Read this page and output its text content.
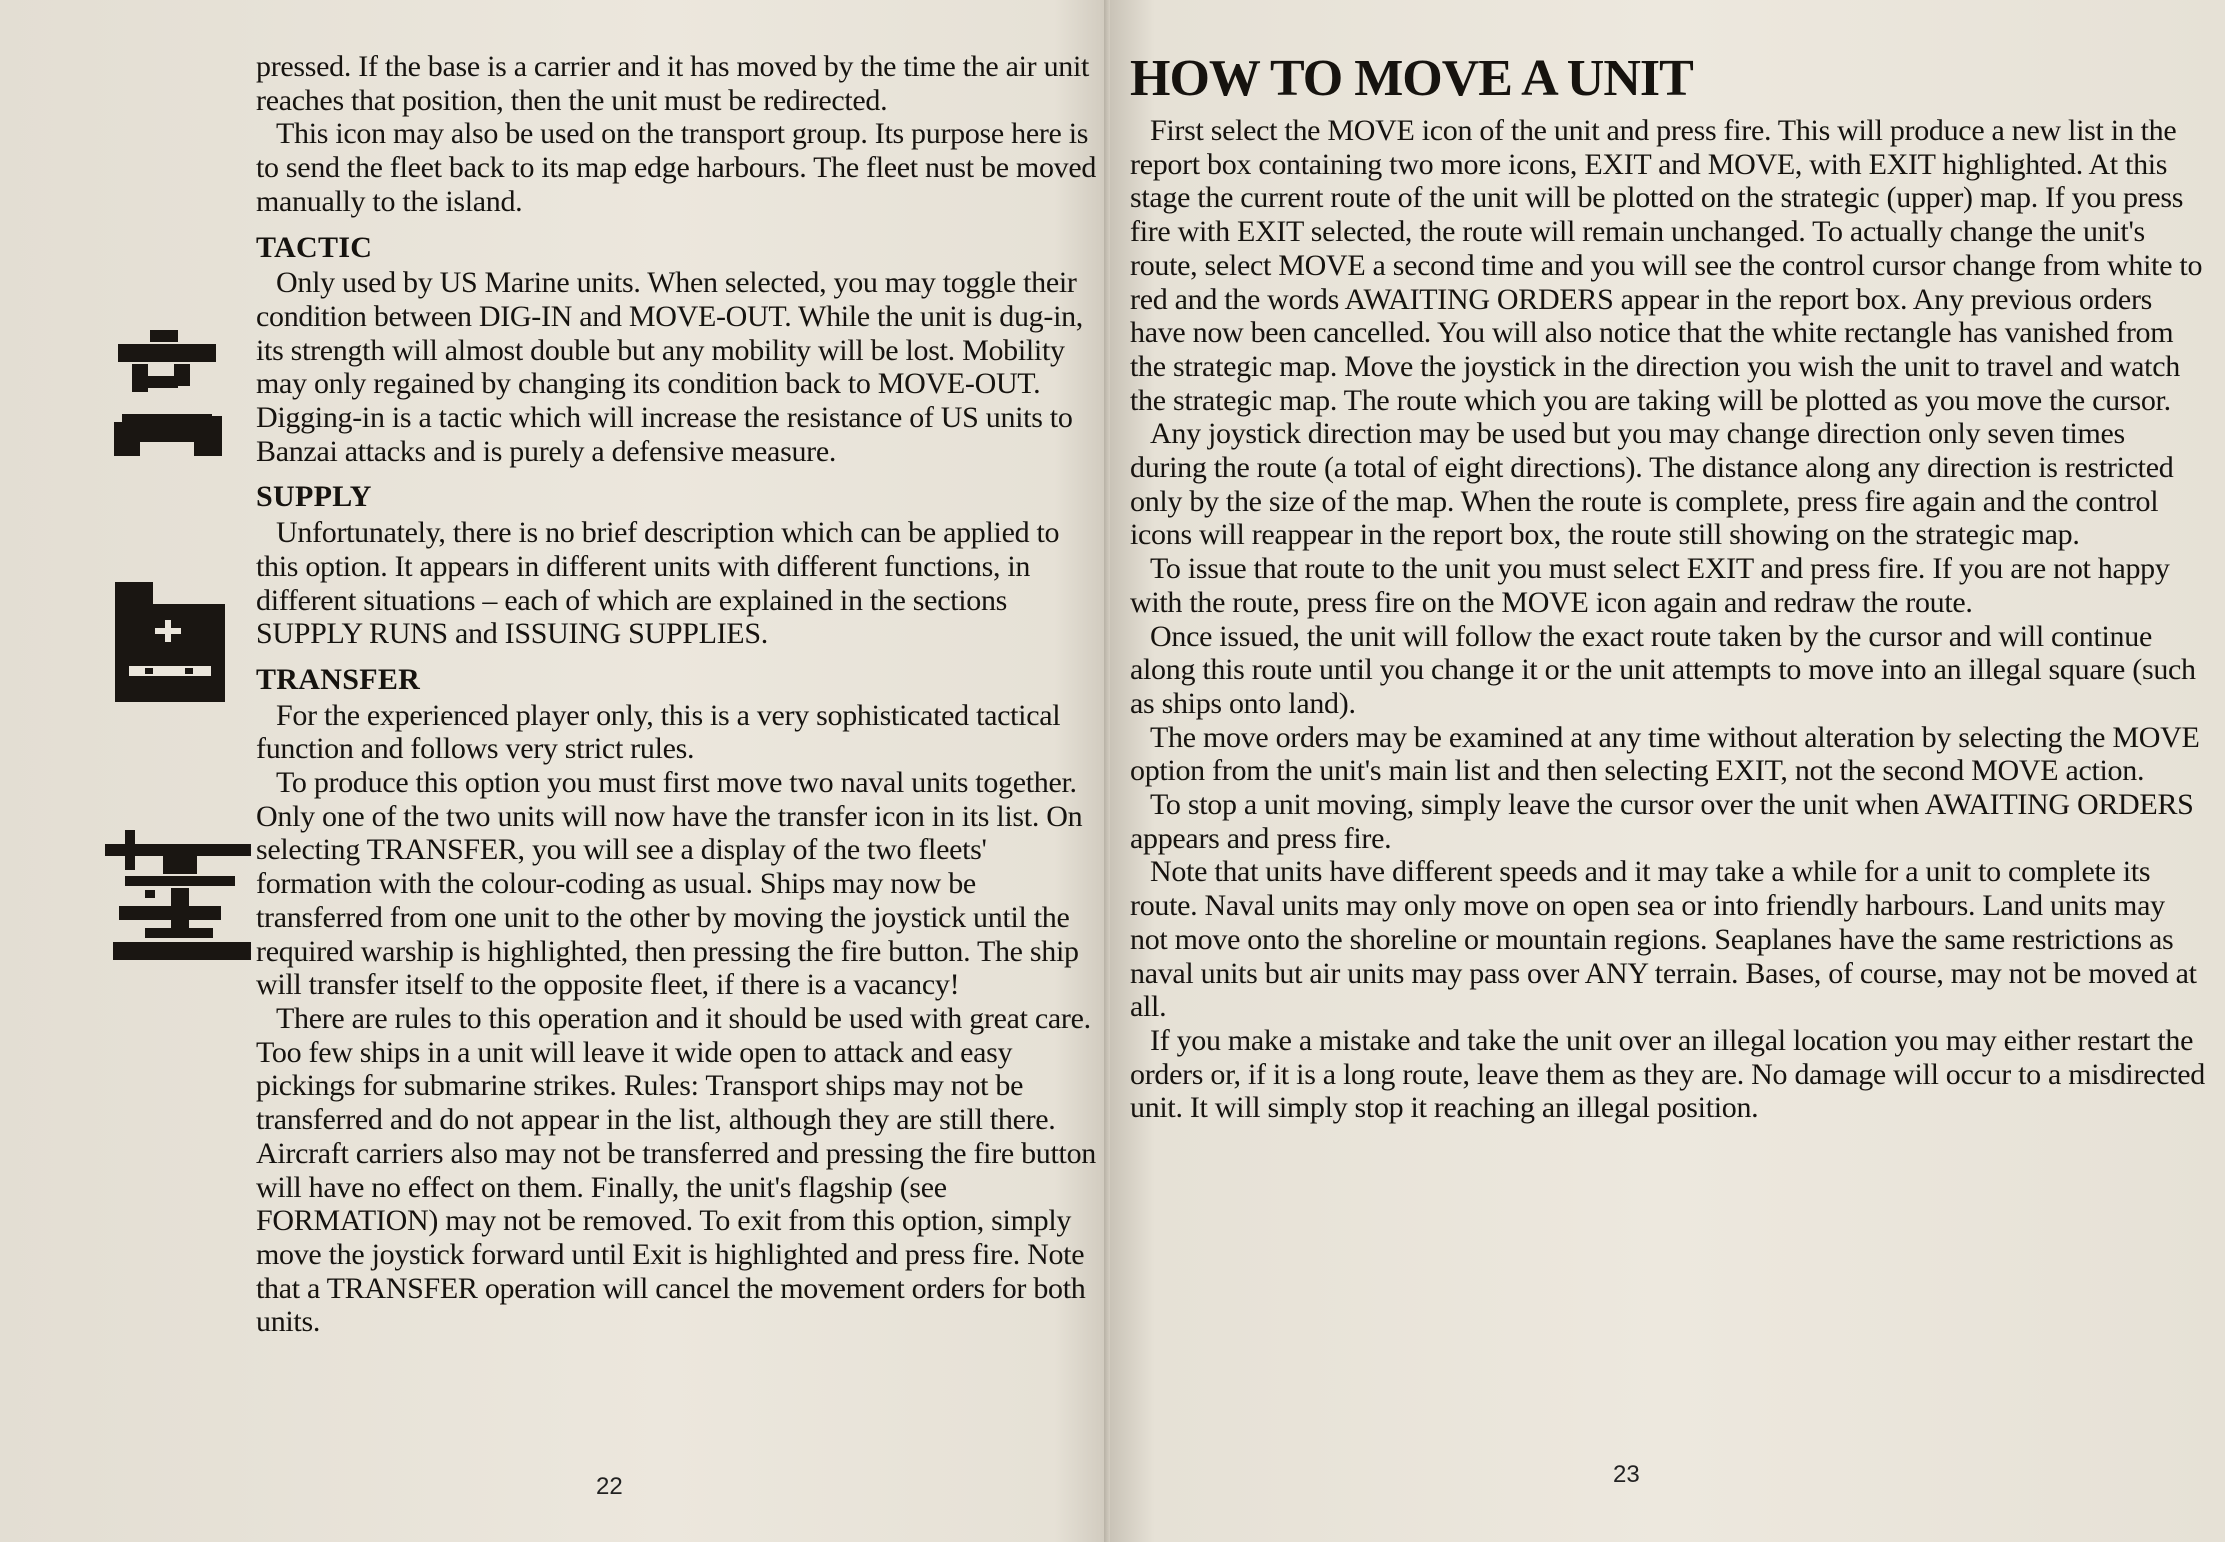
pressed. If the base is a carrier and it has moved by the time the air unit reaches that position, then the unit must be redirected.

This icon may also be used on the transport group. Its purpose here is to send the fleet back to its map edge harbours. The fleet nust be moved manually to the island.

TACTIC

Only used by US Marine units. When selected, you may toggle their condition between DIG-IN and MOVE-OUT. While the unit is dug-in, its strength will almost double but any mobility will be lost. Mobility may only regained by changing its condition back to MOVE-OUT. Digging-in is a tactic which will increase the resistance of US units to Banzai attacks and is purely a defensive measure.

SUPPLY

Unfortunately, there is no brief description which can be applied to this option. It appears in different units with different functions, in different situations – each of which are explained in the sections SUPPLY RUNS and ISSUING SUPPLIES.

TRANSFER

For the experienced player only, this is a very sophisticated tactical function and follows very strict rules.

To produce this option you must first move two naval units together. Only one of the two units will now have the transfer icon in its list. On selecting TRANSFER, you will see a display of the two fleets' formation with the colour-coding as usual. Ships may now be transferred from one unit to the other by moving the joystick until the required warship is highlighted, then pressing the fire button. The ship will transfer itself to the opposite fleet, if there is a vacancy!

There are rules to this operation and it should be used with great care. Too few ships in a unit will leave it wide open to attack and easy pickings for submarine strikes. Rules: Transport ships may not be transferred and do not appear in the list, although they are still there. Aircraft carriers also may not be transferred and pressing the fire button will have no effect on them. Finally, the unit's flagship (see FORMATION) may not be removed. To exit from this option, simply move the joystick forward until Exit is highlighted and press fire. Note that a TRANSFER operation will cancel the movement orders for both units.

22
HOW TO MOVE A UNIT

First select the MOVE icon of the unit and press fire. This will produce a new list in the report box containing two more icons, EXIT and MOVE, with EXIT highlighted. At this stage the current route of the unit will be plotted on the strategic (upper) map. If you press fire with EXIT selected, the route will remain unchanged. To actually change the unit's route, select MOVE a second time and you will see the control cursor change from white to red and the words AWAITING ORDERS appear in the report box. Any previous orders have now been cancelled. You will also notice that the white rectangle has vanished from the strategic map. Move the joystick in the direction you wish the unit to travel and watch the strategic map. The route which you are taking will be plotted as you move the cursor.

Any joystick direction may be used but you may change direction only seven times during the route (a total of eight directions). The distance along any direction is restricted only by the size of the map. When the route is complete, press fire again and the control icons will reappear in the report box, the route still showing on the strategic map.

To issue that route to the unit you must select EXIT and press fire. If you are not happy with the route, press fire on the MOVE icon again and redraw the route.

Once issued, the unit will follow the exact route taken by the cursor and will continue along this route until you change it or the unit attempts to move into an illegal square (such as ships onto land).

The move orders may be examined at any time without alteration by selecting the MOVE option from the unit's main list and then selecting EXIT, not the second MOVE action.

To stop a unit moving, simply leave the cursor over the unit when AWAITING ORDERS appears and press fire.

Note that units have different speeds and it may take a while for a unit to complete its route. Naval units may only move on open sea or into friendly harbours. Land units may not move onto the shoreline or mountain regions. Seaplanes have the same restrictions as naval units but air units may pass over ANY terrain. Bases, of course, may not be moved at all.

If you make a mistake and take the unit over an illegal location you may either restart the orders or, if it is a long route, leave them as they are. No damage will occur to a misdirected unit. It will simply stop it reaching an illegal position.

23
